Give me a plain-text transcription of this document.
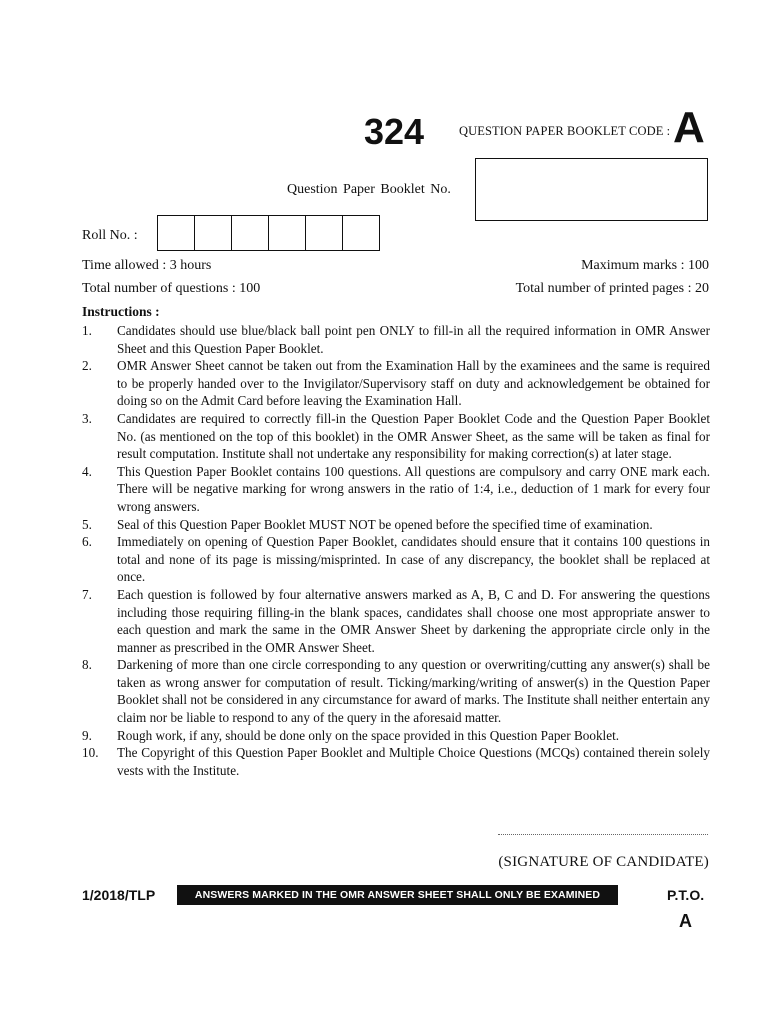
324	QUESTION PAPER BOOKLET CODE : A
Question Paper Booklet No.
Roll No. :
Time allowed : 3 hours	Maximum marks : 100
Total number of questions : 100	Total number of printed pages : 20
Instructions :
1.	Candidates should use blue/black ball point pen ONLY to fill-in all the required information in OMR Answer Sheet and this Question Paper Booklet.
2.	OMR Answer Sheet cannot be taken out from the Examination Hall by the examinees and the same is required to be properly handed over to the Invigilator/Supervisory staff on duty and acknowledgement be obtained for doing so on the Admit Card before leaving the Examination Hall.
3.	Candidates are required to correctly fill-in the Question Paper Booklet Code and the Question Paper Booklet No. (as mentioned on the top of this booklet) in the OMR Answer Sheet, as the same will be taken as final for result computation. Institute shall not undertake any responsibility for making correction(s) at later stage.
4.	This Question Paper Booklet contains 100 questions. All questions are compulsory and carry ONE mark each. There will be negative marking for wrong answers in the ratio of 1:4, i.e., deduction of 1 mark for every four wrong answers.
5.	Seal of this Question Paper Booklet MUST NOT be opened before the specified time of examination.
6.	Immediately on opening of Question Paper Booklet, candidates should ensure that it contains 100 questions in total and none of its page is missing/misprinted. In case of any discrepancy, the booklet shall be replaced at once.
7.	Each question is followed by four alternative answers marked as A, B, C and D. For answering the questions including those requiring filling-in the blank spaces, candidates shall choose one most appropriate answer to each question and mark the same in the OMR Answer Sheet by darkening the appropriate circle only in the manner as prescribed in the OMR Answer Sheet.
8.	Darkening of more than one circle corresponding to any question or overwriting/cutting any answer(s) shall be taken as wrong answer for computation of result. Ticking/marking/writing of answer(s) in the Question Paper Booklet shall not be considered in any circumstance for award of marks. The Institute shall neither entertain any claim nor be liable to respond to any of the query in the aforesaid matter.
9.	Rough work, if any, should be done only on the space provided in this Question Paper Booklet.
10.	The Copyright of this Question Paper Booklet and Multiple Choice Questions (MCQs) contained therein solely vests with the Institute.
(SIGNATURE OF CANDIDATE)
1/2018/TLP	ANSWERS MARKED IN THE OMR ANSWER SHEET SHALL ONLY BE EXAMINED	P.T.O.
A
